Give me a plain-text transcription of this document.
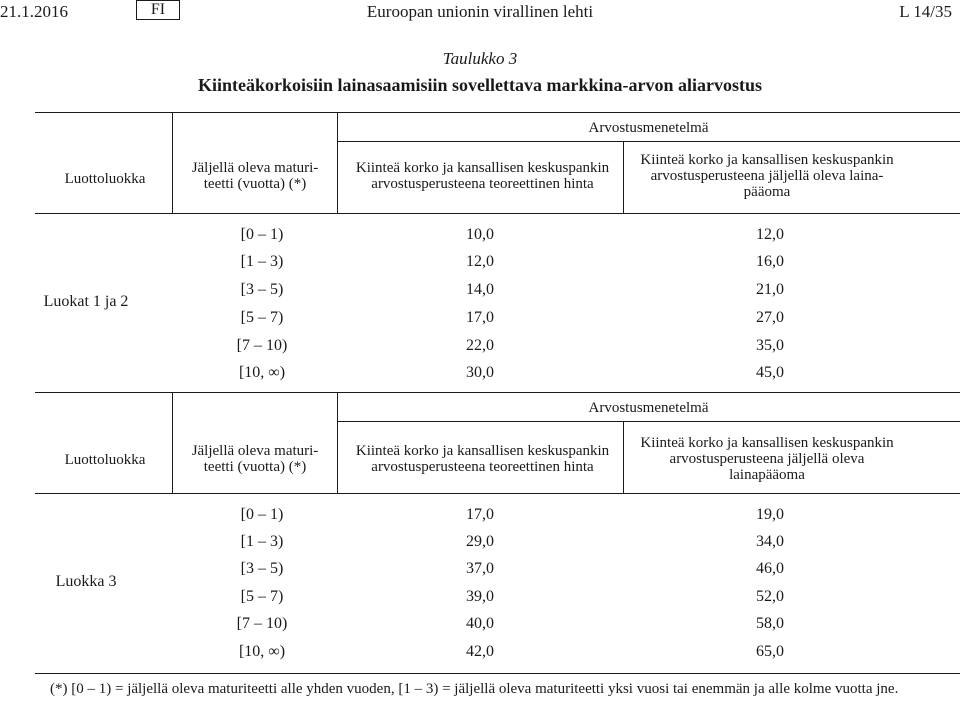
21.1.2016	FI	Euroopan unionin virallinen lehti	L 14/35
Taulukko 3
Kiinteäkorkoisiin lainasaamisiin sovellettava markkina-arvon aliarvostus
Arvostusmenetelmä
Luottoluokka
Jäljellä oleva maturi-teetti (vuotta) (*)
Kiinteä korko ja kansallisen keskuspankin arvostusperusteena teoreettinen hinta
Kiinteä korko ja kansallisen keskuspankin arvostusperusteena jäljellä oleva laina-pääoma
Luokat 1 ja 2
[0 – 1)	10,0	12,0
[1 – 3)	12,0	16,0
[3 – 5)	14,0	21,0
[5 – 7)	17,0	27,0
[7 – 10)	22,0	35,0
[10, ∞)	30,0	45,0
Arvostusmenetelmä
Luottoluokka
Jäljellä oleva maturi-teetti (vuotta) (*)
Kiinteä korko ja kansallisen keskuspankin arvostusperusteena teoreettinen hinta
Kiinteä korko ja kansallisen keskuspankin arvostusperusteena jäljellä oleva lainapääoma
Luokka 3
[0 – 1)	17,0	19,0
[1 – 3)	29,0	34,0
[3 – 5)	37,0	46,0
[5 – 7)	39,0	52,0
[7 – 10)	40,0	58,0
[10, ∞)	42,0	65,0
(*) [0 – 1) = jäljellä oleva maturiteetti alle yhden vuoden, [1 – 3) = jäljellä oleva maturiteetti yksi vuosi tai enemmän ja alle kolme vuotta jne.
